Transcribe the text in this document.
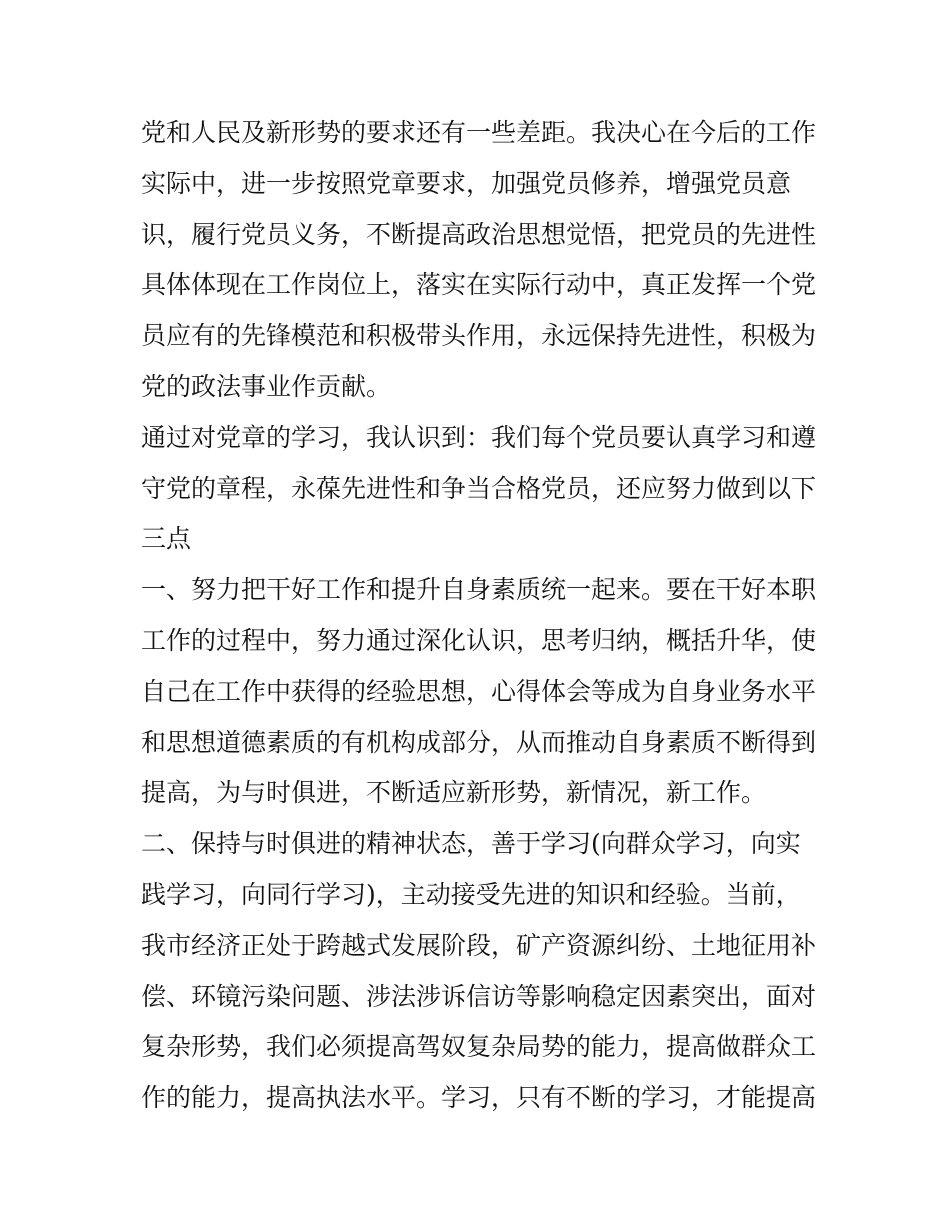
党和人民及新形势的要求还有一些差距。我决心在今后的工作
实际中，进一步按照党章要求，加强党员修养，增强党员意
识，履行党员义务，不断提高政治思想觉悟，把党员的先进性
具体体现在工作岗位上，落实在实际行动中，真正发挥一个党
员应有的先锋模范和积极带头作用，永远保持先进性，积极为
党的政法事业作贡献。
通过对党章的学习，我认识到：我们每个党员要认真学习和遵
守党的章程，永葆先进性和争当合格党员，还应努力做到以下
三点
一、努力把干好工作和提升自身素质统一起来。要在干好本职
工作的过程中，努力通过深化认识，思考归纳，概括升华，使
自己在工作中获得的经验思想，心得体会等成为自身业务水平
和思想道德素质的有机构成部分，从而推动自身素质不断得到
提高，为与时俱进，不断适应新形势，新情况，新工作。
二、保持与时俱进的精神状态，善于学习(向群众学习，向实
践学习，向同行学习)，主动接受先进的知识和经验。当前，
我市经济正处于跨越式发展阶段，矿产资源纠纷、土地征用补
偿、环镜污染问题、涉法涉诉信访等影响稳定因素突出，面对
复杂形势，我们必须提高驾奴复杂局势的能力，提高做群众工
作的能力，提高执法水平。学习，只有不断的学习，才能提高
